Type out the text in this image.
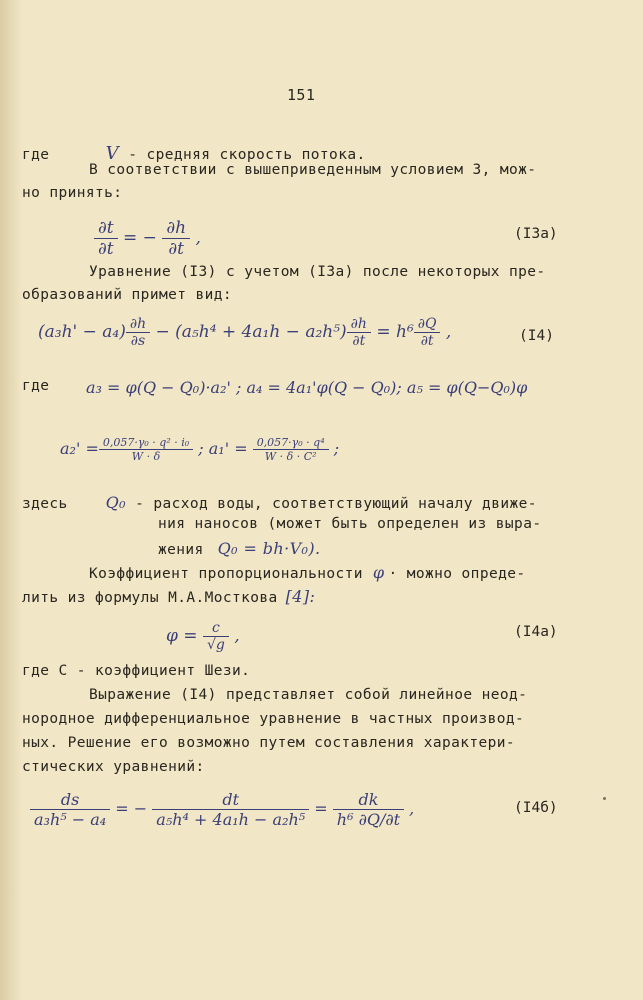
151
где	V - средняя скорость потока.
В соответствии с вышеприведенным условием 3, мож-
но принять:
$\frac{\partial t}{\partial t}$ = − $\frac{\partial h}{\partial t}$ ,	(I3а)
Уравнение (I3) с учетом (I3а) после некоторых пре-
образований примет вид:
$(a_3h' - a_4) \frac{\partial h}{\partial s} - (a_5h^4 + 4a_1h - a_2h^5) \frac{\partial h}{\partial t} = h^6 \frac{\partial Q}{\partial t}$ ,	(I4)
где a₃ = φ(Q − Q₀)·a₂' ; a₄ = 4a₁'φ(Q − Q₀); a₅ = φ(Q−Q₀)φ
$a_2' = \frac{\text{0,057·γ₀ · q² · i₀}}{W \cdot \delta}$ ; $a_1' = \frac{\text{0,057·γ₀ · q⁴}}{\text{W · δ · C²}}$ ;
здесь Q₀ - расход воды, соответствующий началу движе-
ния наносов (может быть определен из выра-
жения Q₀ = bh·V₀).
Коэффициент пропорциональности φ · можно опреде-
лить из формулы М.А.Мосткова [4]:
$\varphi = \frac{c}{√g}$ ,	(I4а)
где С - коэффициент Шези.
Выражение (I4) представляет собой линейное неод-
нородное дифференциальное уравнение в частных производ-
ных. Решение его возможно путем составления характери-
стических уравнений:
$\frac{ds}{\text{a₃h⁵ − a₄}}$ = − $\frac{dt}{\text{a₅h⁴ + 4a₁h − a₂h⁵}} = \frac{dk}{\text{h⁶ ∂Q/∂t}}$ ,	(I4б)
